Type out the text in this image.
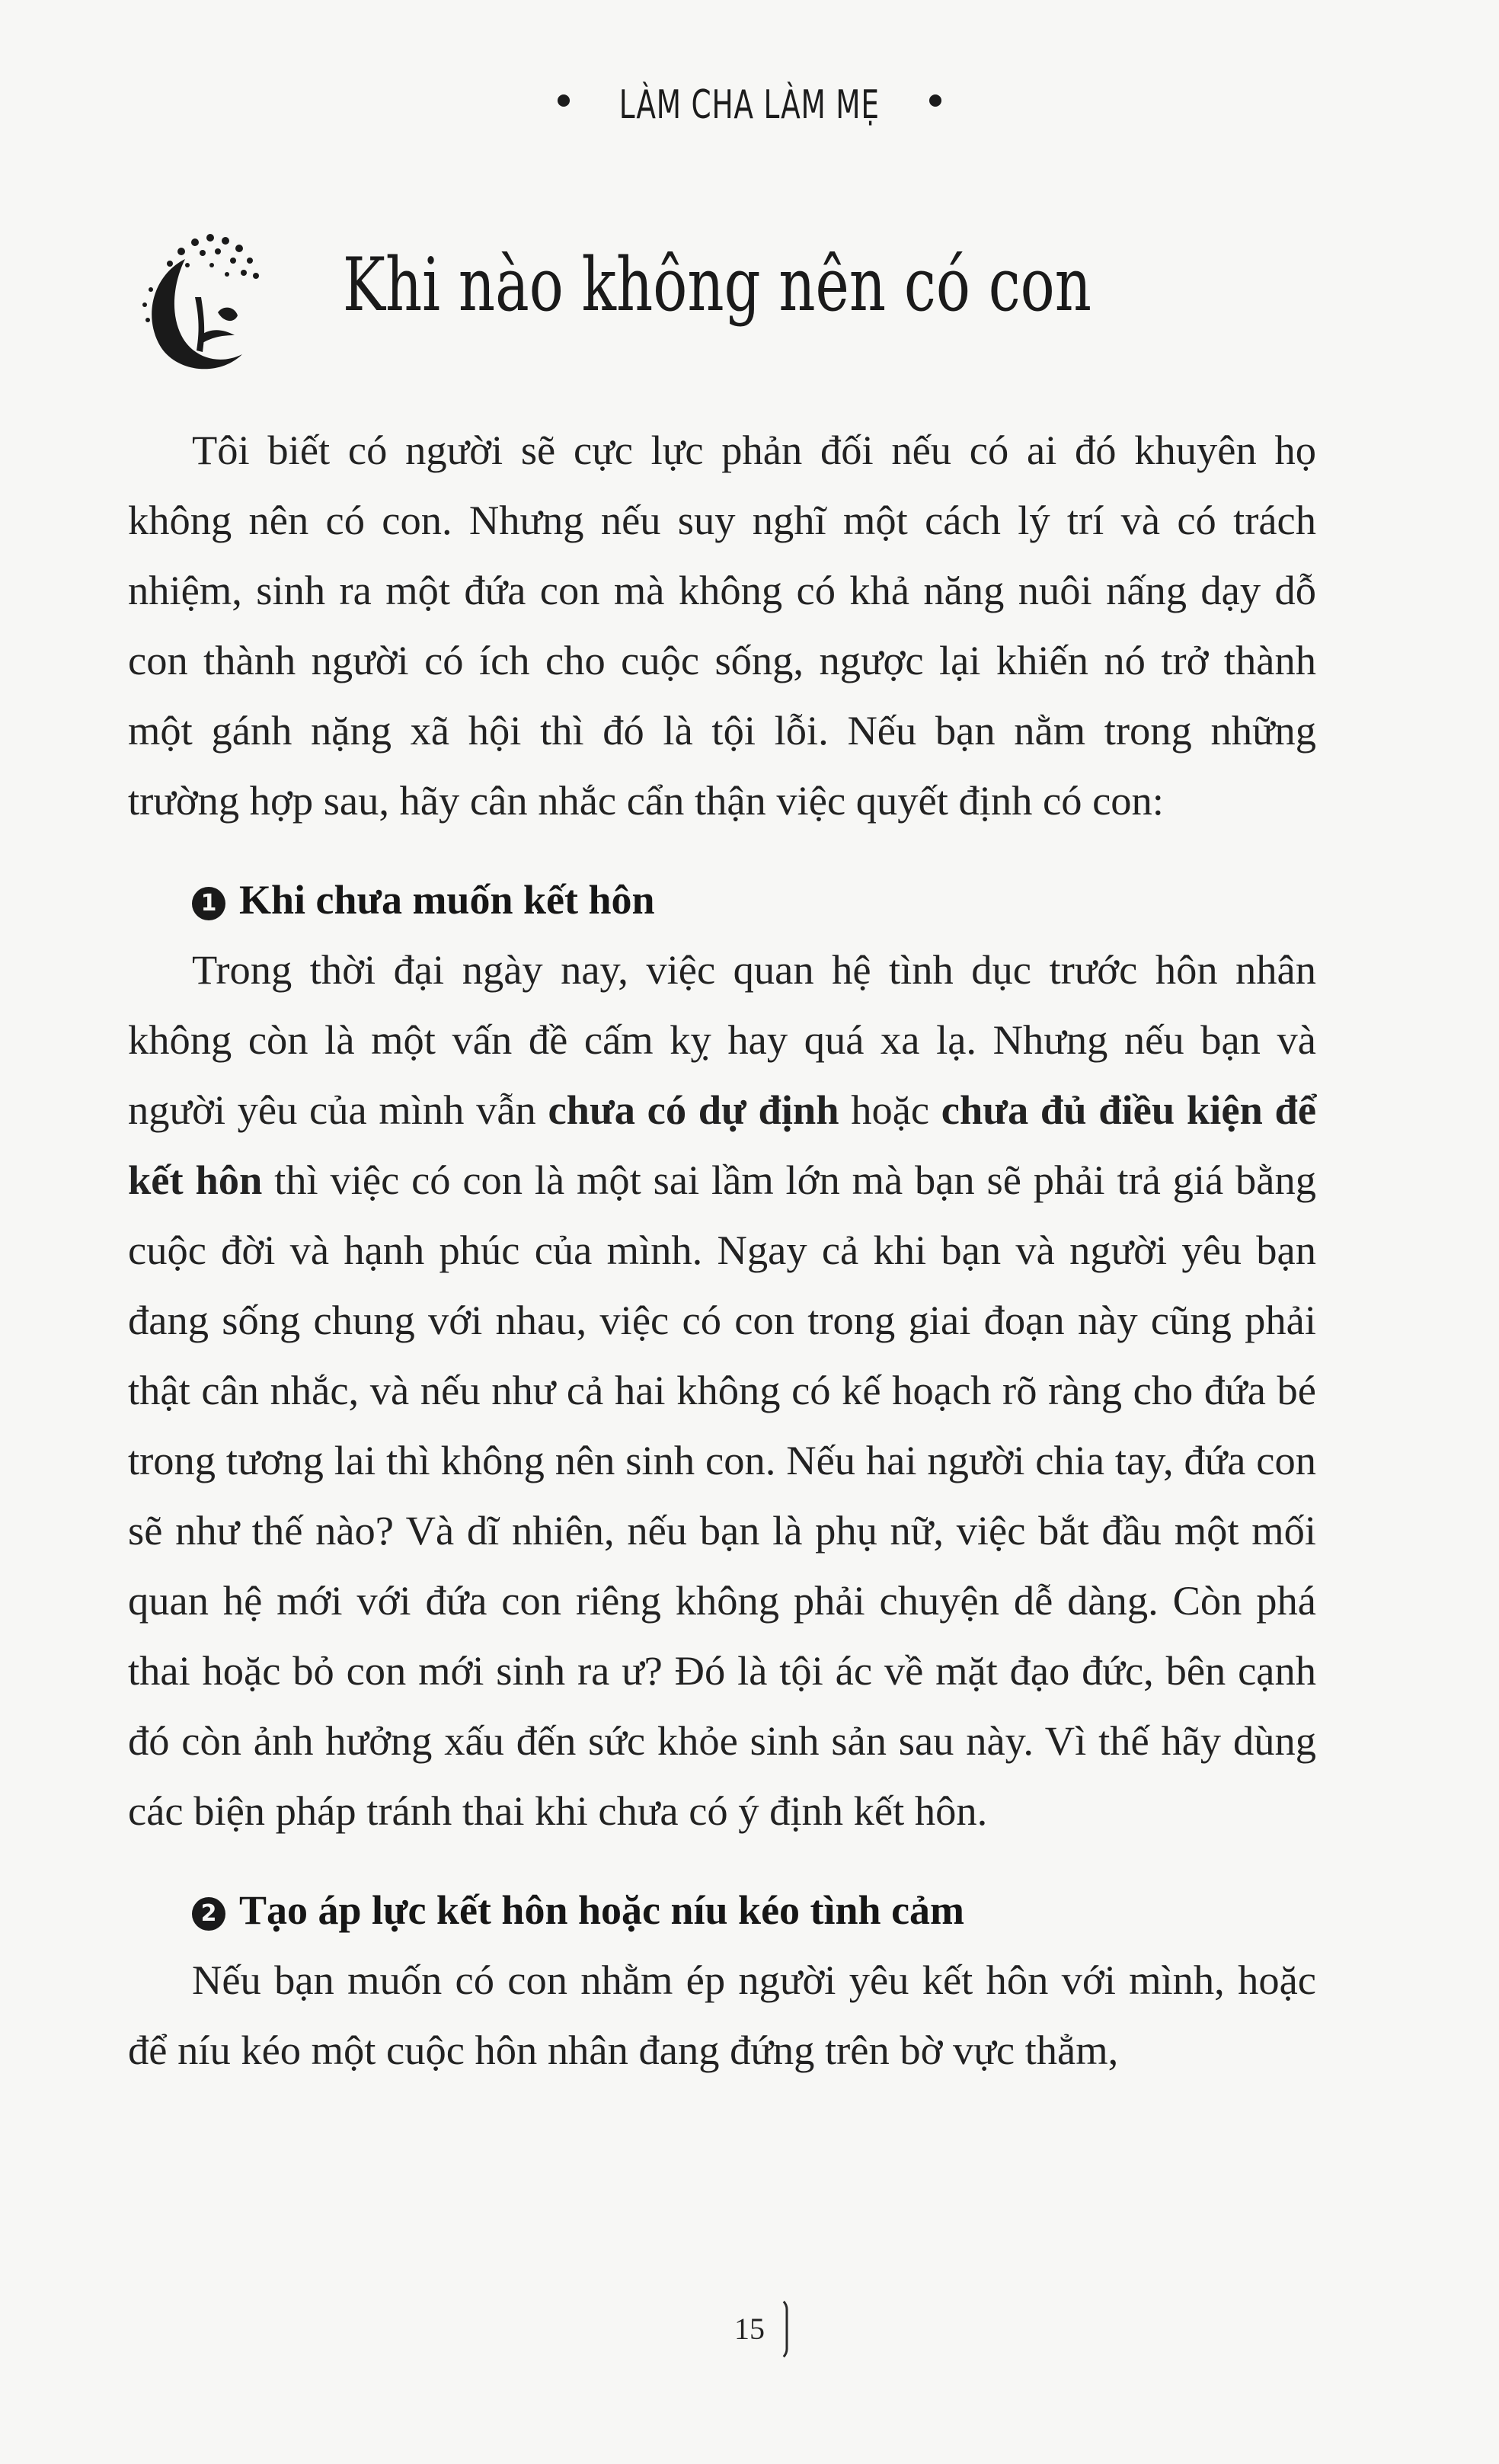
LÀM CHA LÀM MẸ
Khi nào không nên có con

Tôi biết có người sẽ cực lực phản đối nếu có ai đó khuyên họ không nên có con. Nhưng nếu suy nghĩ một cách lý trí và có trách nhiệm, sinh ra một đứa con mà không có khả năng nuôi nấng dạy dỗ con thành người có ích cho cuộc sống, ngược lại khiến nó trở thành một gánh nặng xã hội thì đó là tội lỗi. Nếu bạn nằm trong những trường hợp sau, hãy cân nhắc cẩn thận việc quyết định có con:

1 Khi chưa muốn kết hôn

Trong thời đại ngày nay, việc quan hệ tình dục trước hôn nhân không còn là một vấn đề cấm kỵ hay quá xa lạ. Nhưng nếu bạn và người yêu của mình vẫn chưa có dự định hoặc chưa đủ điều kiện để kết hôn thì việc có con là một sai lầm lớn mà bạn sẽ phải trả giá bằng cuộc đời và hạnh phúc của mình. Ngay cả khi bạn và người yêu bạn đang sống chung với nhau, việc có con trong giai đoạn này cũng phải thật cân nhắc, và nếu như cả hai không có kế hoạch rõ ràng cho đứa bé trong tương lai thì không nên sinh con. Nếu hai người chia tay, đứa con sẽ như thế nào? Và dĩ nhiên, nếu bạn là phụ nữ, việc bắt đầu một mối quan hệ mới với đứa con riêng không phải chuyện dễ dàng. Còn phá thai hoặc bỏ con mới sinh ra ư? Đó là tội ác về mặt đạo đức, bên cạnh đó còn ảnh hưởng xấu đến sức khỏe sinh sản sau này. Vì thế hãy dùng các biện pháp tránh thai khi chưa có ý định kết hôn.

2 Tạo áp lực kết hôn hoặc níu kéo tình cảm

Nếu bạn muốn có con nhằm ép người yêu kết hôn với mình, hoặc để níu kéo một cuộc hôn nhân đang đứng trên bờ vực thẳm,

15
